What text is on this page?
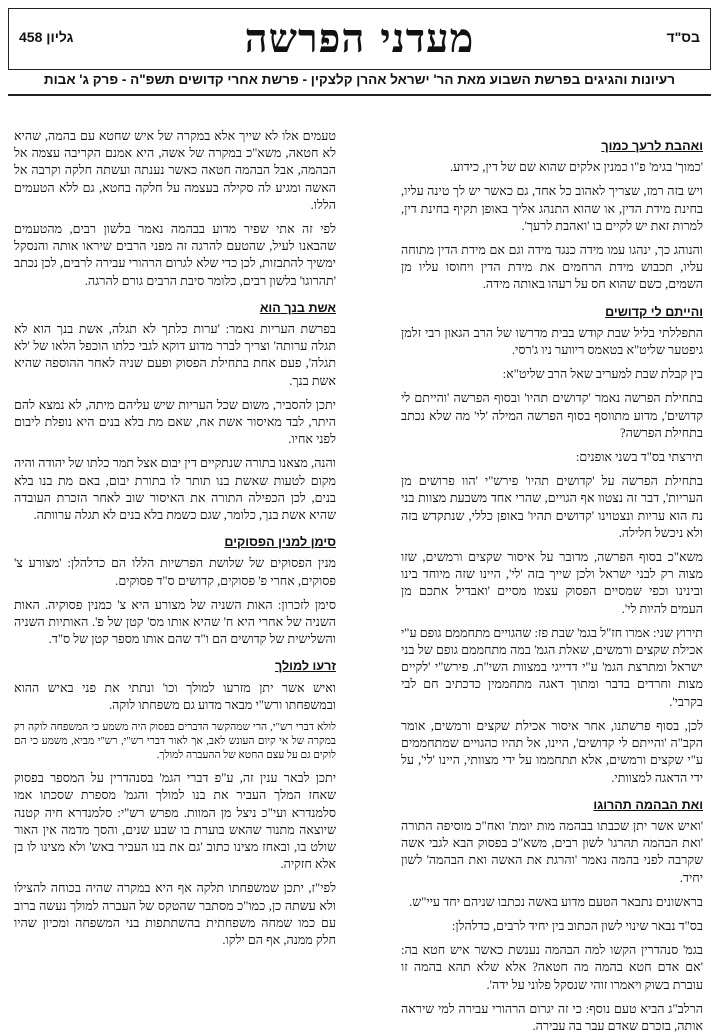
גליון 458	מעדני הפרשה	בס"ד
רעיונות והגיגים בפרשת השבוע מאת הר' ישראל אהרן קלצקין - פרשת אחרי קדושים תשפ"ה - פרק ג' אבות
ואהבת לרעך כמוך

'כמוך' בגימ' פ"ו כמנין אלקים שהוא שם של דין, כידוע.

ויש בזה רמז, שצריך לאהוב כל אחד, גם כאשר יש לך טינה עליו, בחינת מידת הדין, או שהוא התנהג אליך באופן תקיף בחינת דין, למרות זאת יש לקיים בו 'ואהבת לרעך'.

והנוהג כך, ינהגו עמו מידה כנגד מידה וגם אם מידת הדין מתוחה עליו, תכבוש מידת הרחמים את מידת הדין ויחוסו עליו מן השמים, כשם שהוא חס על רעהו באותה מידה.

והייתם לי קדושים

התפללתי בליל שבת קודש בבית מדרשו של הרב הגאון רבי זלמן גיפטער שליט"א בטאמס ריווער ניו ג'רסי.

בין קבלת שבת למעריב שאל הרב שליט"א:

בתחילת הפרשה נאמר 'קדושים תהיו' ובסוף הפרשה 'והייתם לי קדושים', מדוע מתווסף בסוף הפרשה המילה 'לי' מה שלא נכתב בתחילת הפרשה?

תירצתי בס"ד בשני אופנים:

בתחילת הפרשה על 'קדושים תהיו' פירש"י 'הוו פרושים מן העריות', דבר זה נצטוו אף הגויים, שהרי אחד משבעת מצוות בני נח הוא עריות ונצטוינו 'קדושים תהיו' באופן כללי, שנתקדש בזה ולא ניכשל חלילה.

משא"כ בסוף הפרשה, מדובר על איסור שקצים ורמשים, שזו מצוה רק לבני ישראל ולכן שייך בזה 'לי', היינו שזה מיוחד בינו ובינינו וכפי שמסיים הפסוק עצמו מסיים 'ואבדיל אתכם מן העמים להיות לי'.

תירוץ שני: אמרו חז"ל בגמ' שבת פז: שהגויים מתחממם גופם ע"י אכילת שקצים ורמשים, שאלת הגמ' במה מתחממם גופם של בני ישראל ומתרצת הגמ' ע"י דדייגי במצוות השי"ת. פירש"י 'לקיים מצות וחרדים בדבר ומתוך דאגה מתחממין כדכתיב חם לבי בקרבי'.

לכן, בסוף פרשתנו, אחר איסור אכילת שקצים ורמשים, אומר הקב"ה 'והייתם לי קדושים', היינו, אל תהיו כהגויים שמתחממים ע"י שקצים ורמשים, אלא תתחממו על ידי מצוותי, היינו 'לי', על ידי הדאגה למצוותי.

ואת הבהמה תהרוגו

'ואיש אשר יתן שכבתו בבהמה מות יומת' ואח"כ מוסיפה התורה 'ואת הבהמה תהרגו' לשון רבים, משא"כ בפסוק הבא לגבי אשה שקרבה לפני בהמה נאמר 'והרגת את האשה ואת הבהמה' לשון יחיד.

בראשונים נתבאר הטעם מדוע באשה נכתבו שניהם יחד עיי"ש.

בס"ד נבאר שינוי לשון הכתוב בין יחיד לרבים, כדלהלן:

בגמ' סנהדרין הקשו למה הבהמה נענשת כאשר איש חטא בה: 'אם אדם חטא בהמה מה חטאה? אלא שלא תהא בהמה זו עוברת בשוק ויאמרו זוהי שנסקל פלוני על ידה'.

הרלב"ג הביא טעם נוסף: כי זה יגרום הרהורי עבירה למי שיראה אותה, בזכרם שאדם עבר בה עבירה.

טעמים אלו לא שייך אלא במקרה של איש שחטא עם בהמה, שהיא לא חטאה, משא"כ במקרה של אשה, היא אמנם הקריבה עצמה אל הבהמה, אבל הבהמה חטאה כאשר נענתה ועשתה חלקה וקרבה אל האשה ומגיע לה סקילה בעצמה על חלקה בחטא, גם ללא הטעמים הללו.

לפי זה אתי שפיר מדוע בבהמה נאמר בלשון רבים, מהטעמים שהבאנו לעיל, שהטעם להרגה זה מפני הרבים שיראו אותה והנסקל ימשיך להתבזות, לכן כדי שלא לגרום הרהורי עבירה לרבים, לכן נכתב 'תהרוגו' בלשון רבים, כלומר סיבת הרבים גורם להרגה.

אשת בנך הוא

בפרשת העריות נאמר: 'ערות כלתך לא תגלה, אשת בנך הוא לא תגלה ערותה' וצריך לברר מדוע דוקא לגבי כלתו הוכפל הלאו של 'לא תגלה', פעם אחת בתחילת הפסוק ופעם שניה לאחר ההוספה שהיא אשת בנך.

יתכן להסביר, משום שכל העריות שיש עליהם מיתה, לא נמצא להם היתר, לבד מאיסור אשת אח, שאם מת בלא בנים היא נופלת ליבום לפני אחיו.

והנה, מצאנו בתורה שנתקיים דין יבום אצל תמר כלתו של יהודה והיה מקום לטעות שאשת בנו תותר לו בתורת יבום, באם מת בנו בלא בנים, לכן הכפילה התורה את האיסור שוב לאחר הזכרת העובדה שהיא אשת בנך, כלומר, שגם כשמת בלא בנים לא תגלה ערוותה.

סימן למנין הפסוקים

מנין הפסוקים של שלושת הפרשיות הללו הם כדלהלן: 'מצורע צ' פסוקים, אחרי פ' פסוקים, קדושים ס"ד פסוקים.

סימן לזכרון: האות השניה של מצורע היא צ' כמנין פסוקיה. האות השניה של אחרי היא ח' שהיא אותו מס' קטן של פ'. האותיות השניה והשלישית של קדושים הם ו"ד שהם אותו מספר קטן של ס"ד.

זרעו למולך

ואיש אשר יתן מזרעו למולך וכו' ונתתי את פני באיש ההוא ובמשפחתו ורש"י מבאר מדוע גם משפחתו לוקה.

לולא דברי רש"י, הרי שמהקשר הדברים בפסוק היה משמע כי המשפחה לוקה רק במקרה של אי קיום העונש לאב, אך לאור דברי רש"י, רש"י מביא, משמע כי הם לוקים גם על עצם החטא של ההעברה למולך.

יתכן לבאר ענין זה, ע"פ דברי הגמ' בסנהדרין על המספר בפסוק שאחז המלך העביר את בנו למולך והגמ' מספרת שסכתו אמו סלמנדרא ועי"כ ניצל מן המוות. מפרש רש"י: סלמנדרא חיה קטנה שיוצאה מתנור שהאש בוערת בו שבע שנים, והסך מדמה אין האור שולט בו, ובאחז מצינו כתוב 'גם את בנו העביר באש' ולא מצינו לו בן אלא חזקיה.

לפי"ז, יתכן שמשפחתו תלקה אף היא במקרה שהיה בכוחה להצילו ולא עשתה כן, כמו"כ מסתבר שהטקס של העברה למולך נעשה ברוב עם כמו שמחה משפחתית בהשתתפות בני המשפחה ומכיון שהיו חלק ממנה, אף הם ילקו.
